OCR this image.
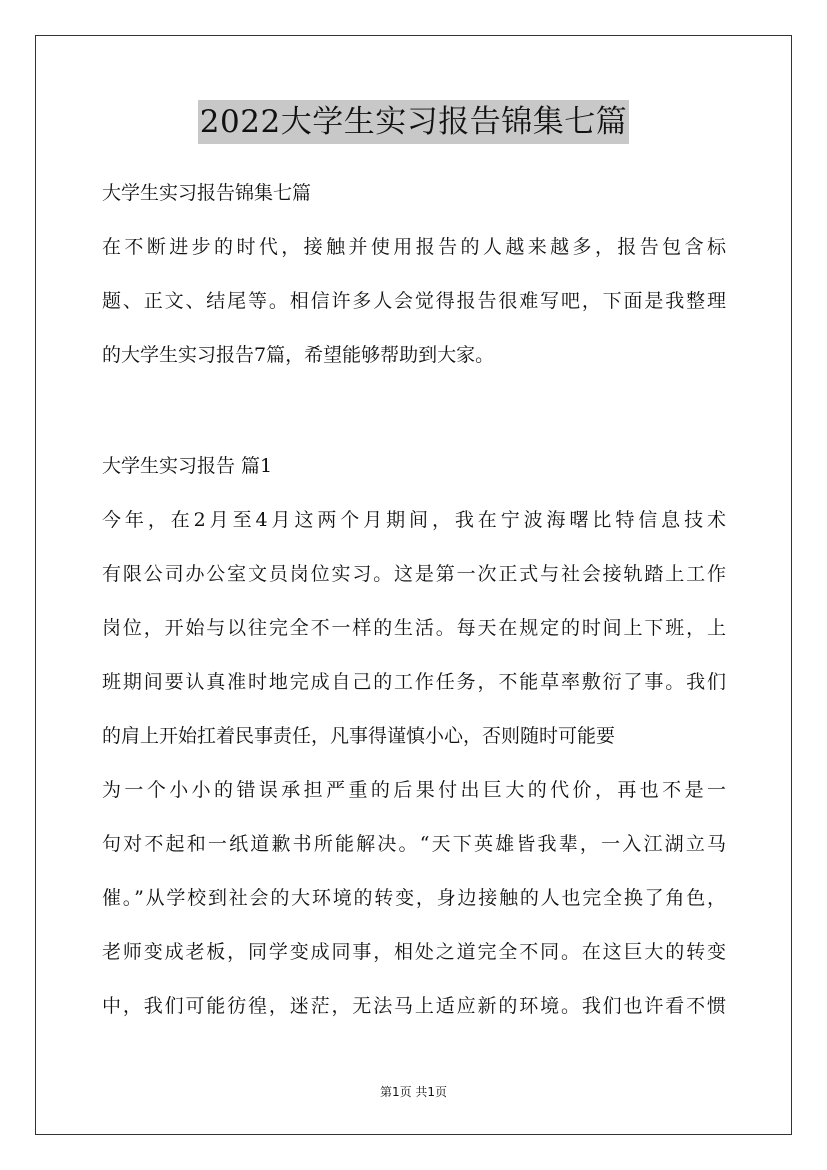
2022大学生实习报告锦集七篇
大学生实习报告锦集七篇
在不断进步的时代，接触并使用报告的人越来越多，报告包含标
题、正文、结尾等。相信许多人会觉得报告很难写吧，下面是我整理
的大学生实习报告7篇，希望能够帮助到大家。
大学生实习报告 篇1
今年，在2月至4月这两个月期间，我在宁波海曙比特信息技术
有限公司办公室文员岗位实习。这是第一次正式与社会接轨踏上工作
岗位，开始与以往完全不一样的生活。每天在规定的时间上下班，上
班期间要认真准时地完成自己的工作任务，不能草率敷衍了事。我们
的肩上开始扛着民事责任，凡事得谨慎小心，否则随时可能要
为一个小小的错误承担严重的后果付出巨大的代价，再也不是一
句对不起和一纸道歉书所能解决。“天下英雄皆我辈，一入江湖立马
催。”从学校到社会的大环境的转变，身边接触的人也完全换了角色，
老师变成老板，同学变成同事，相处之道完全不同。在这巨大的转变
中，我们可能彷徨，迷茫，无法马上适应新的环境。我们也许看不惯
第1页 共1页
